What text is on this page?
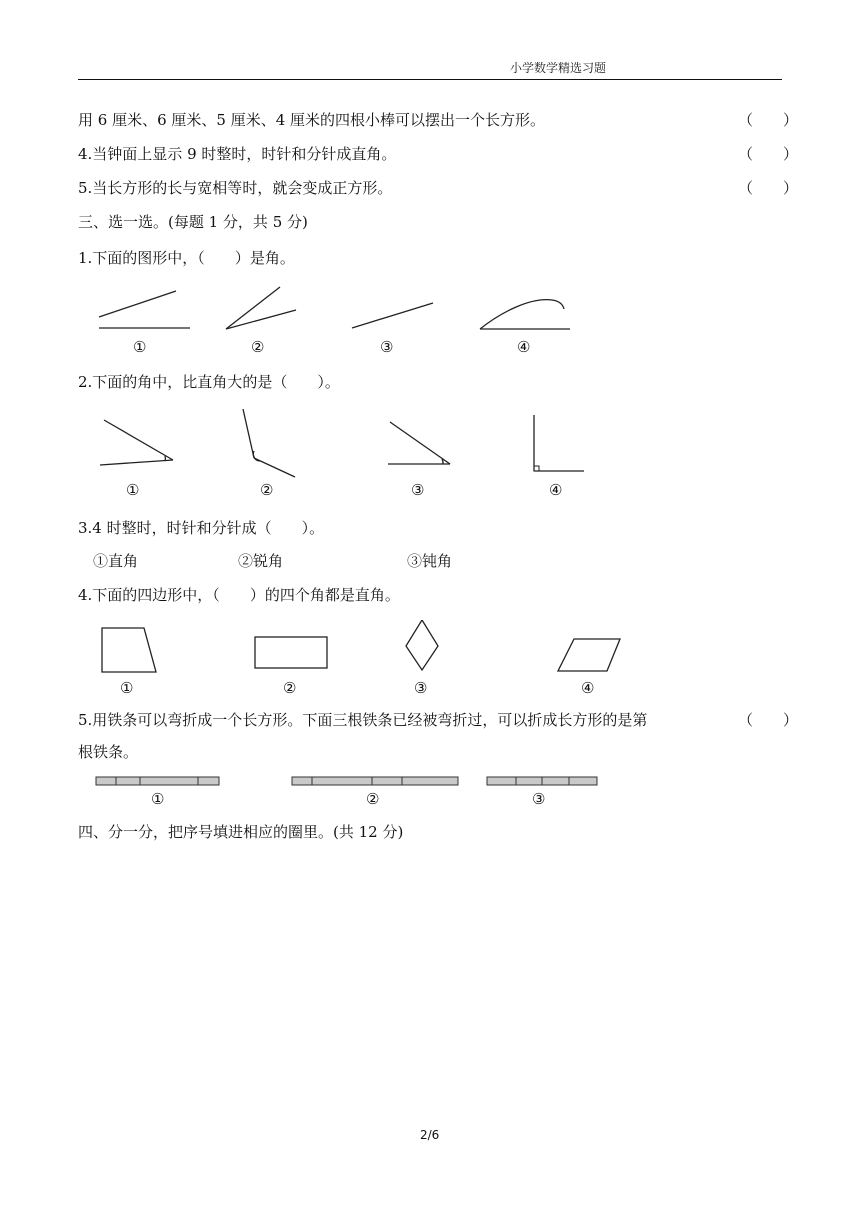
小学数学精选习题
用 6 厘米、6 厘米、5 厘米、4 厘米的四根小棒可以摆出一个长方形。	（　　）
4.当钟面上显示 9 时整时，时针和分针成直角。	（　　）
5.当长方形的长与宽相等时，就会变成正方形。	（　　）
三、选一选。(每题 1 分，共 5 分)
1.下面的图形中，（　　）是角。
①	②	③	④
2.下面的角中，比直角大的是（　　）。
①	②	③	④
3.4 时整时，时针和分针成（　　）。
①直角	②锐角	③钝角
4.下面的四边形中，（　　）的四个角都是直角。
①	②	③	④
5.用铁条可以弯折成一个长方形。下面三根铁条已经被弯折过，可以折成长方形的是第	（　　）
根铁条。
①	②	③
四、分一分，把序号填进相应的圈里。(共 12 分)
2/6
